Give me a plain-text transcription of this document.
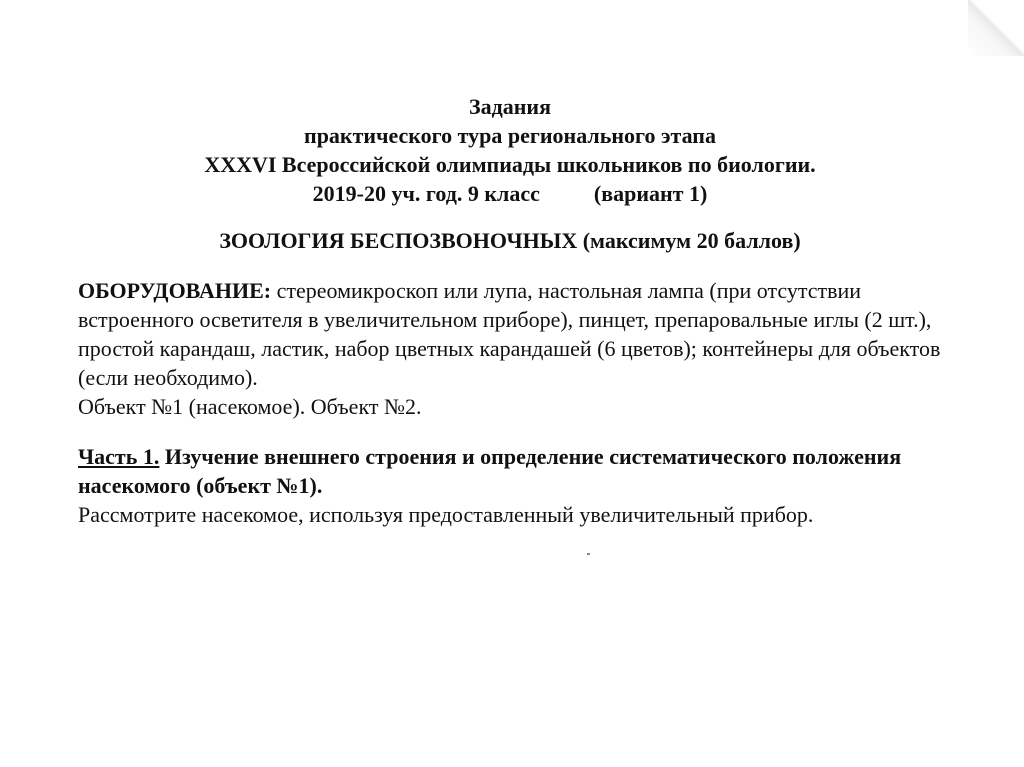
Задания
практического тура регионального этапа
XXXVI Всероссийской олимпиады школьников по биологии.
2019-20 уч. год. 9 класс (вариант 1)
ЗООЛОГИЯ БЕСПОЗВОНОЧНЫХ (максимум 20 баллов)
ОБОРУДОВАНИЕ: стереомикроскоп или лупа, настольная лампа (при отсутствии встроенного осветителя в увеличительном приборе), пинцет, препаровальные иглы (2 шт.), простой карандаш, ластик, набор цветных карандашей (6 цветов); контейнеры для объектов (если необходимо).
Объект №1 (насекомое). Объект №2.
Часть 1. Изучение внешнего строения и определение систематического положения насекомого (объект №1).
Рассмотрите насекомое, используя предоставленный увеличительный прибор.
